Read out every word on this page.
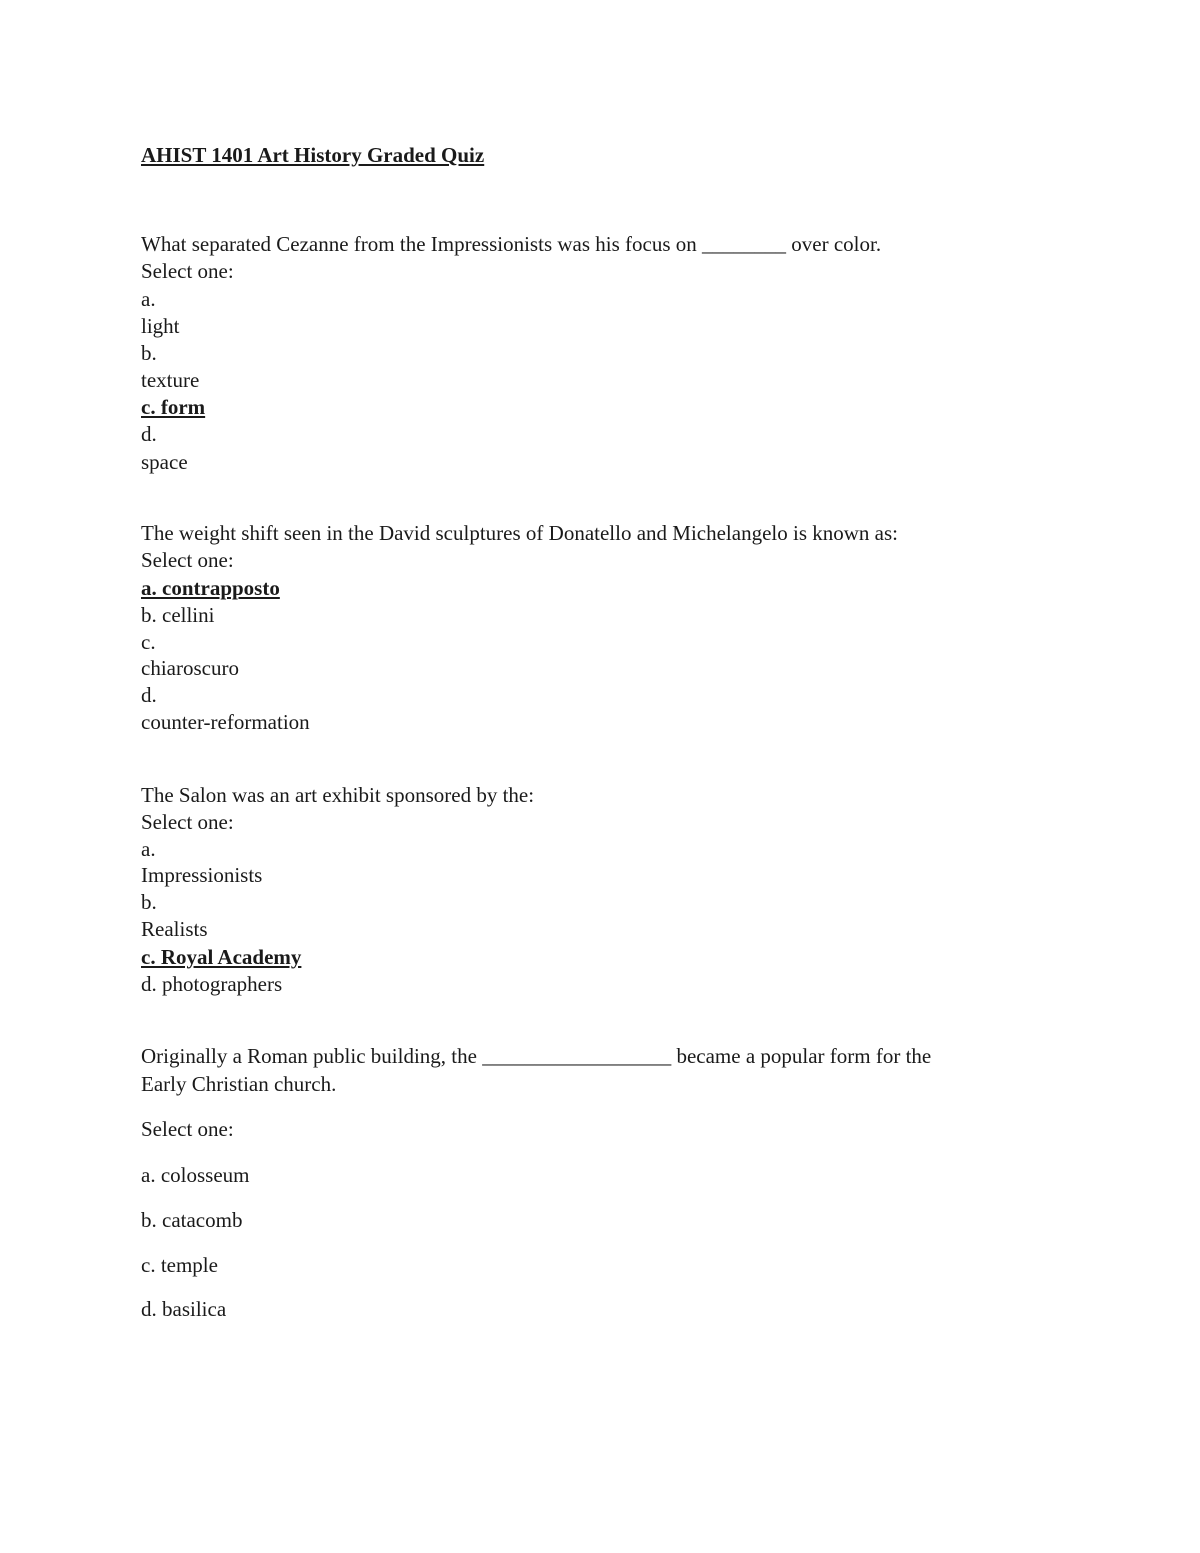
AHIST 1401 Art History Graded Quiz
What separated Cezanne from the Impressionists was his focus on ________ over color.
Select one:
a.
light
b.
texture
c. form
d.
space
The weight shift seen in the David sculptures of Donatello and Michelangelo is known as:
Select one:
a. contrapposto
b. cellini
c.
chiaroscuro
d.
counter-reformation
The Salon was an art exhibit sponsored by the:
Select one:
a.
Impressionists
b.
Realists
c. Royal Academy
d. photographers
Originally a Roman public building, the __________________ became a popular form for the
Early Christian church.
Select one:
a. colosseum
b. catacomb
c. temple
d. basilica
